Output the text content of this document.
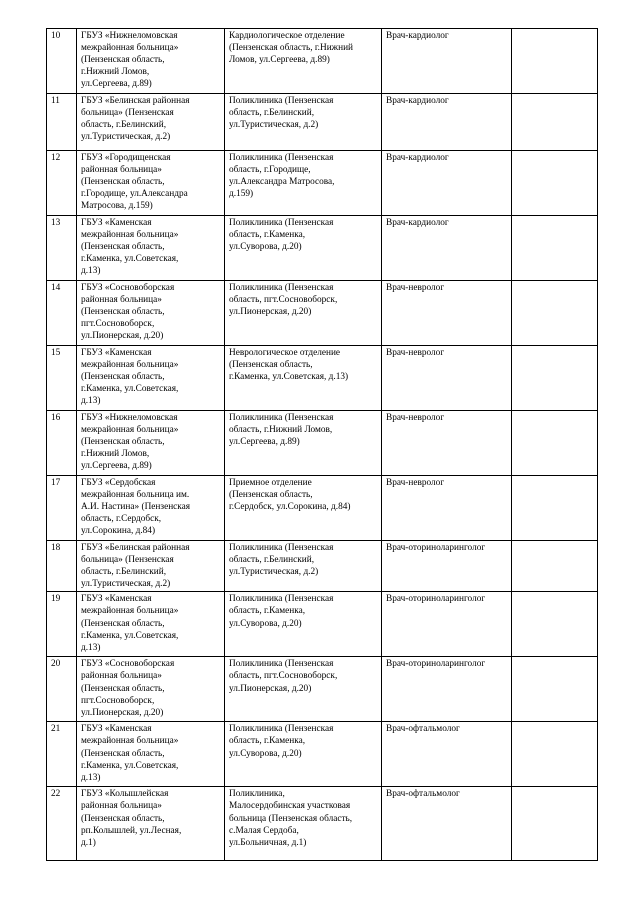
10	ГБУЗ «Нижнеломовская
межрайонная больница»
(Пензенская область,
г.Нижний Ломов,
ул.Сергеева, д.89)	Кардиологическое отделение
(Пензенская область, г.Нижний
Ломов, ул.Сергеева, д.89)	Врач-кардиолог	
11	ГБУЗ «Белинская районная
больница» (Пензенская
область, г.Белинский,
ул.Туристическая, д.2)	Поликлиника (Пензенская
область, г.Белинский,
ул.Туристическая, д.2)	Врач-кардиолог	
12	ГБУЗ «Городищенская
районная больница»
(Пензенская область,
г.Городище, ул.Александра
Матросова, д.159)	Поликлиника (Пензенская
область, г.Городище,
ул.Александра Матросова,
д.159)	Врач-кардиолог	
13	ГБУЗ «Каменская
межрайонная больница»
(Пензенская область,
г.Каменка, ул.Советская,
д.13)	Поликлиника (Пензенская
область, г.Каменка,
ул.Суворова, д.20)	Врач-кардиолог	
14	ГБУЗ «Сосновоборская
районная больница»
(Пензенская область,
пгт.Сосновоборск,
ул.Пионерская, д.20)	Поликлиника (Пензенская
область, пгт.Сосновоборск,
ул.Пионерская, д.20)	Врач-невролог	
15	ГБУЗ «Каменская
межрайонная больница»
(Пензенская область,
г.Каменка, ул.Советская,
д.13)	Неврологическое отделение
(Пензенская область,
г.Каменка, ул.Советская, д.13)	Врач-невролог	
16	ГБУЗ «Нижнеломовская
межрайонная больница»
(Пензенская область,
г.Нижний Ломов,
ул.Сергеева, д.89)	Поликлиника (Пензенская
область, г.Нижний Ломов,
ул.Сергеева, д.89)	Врач-невролог	
17	ГБУЗ «Сердобская
межрайонная больница им.
А.И. Настина» (Пензенская
область, г.Сердобск,
ул.Сорокина, д.84)	Приемное отделение
(Пензенская область,
г.Сердобск, ул.Сорокина, д.84)	Врач-невролог	
18	ГБУЗ «Белинская районная
больница» (Пензенская
область, г.Белинский,
ул.Туристическая, д.2)	Поликлиника (Пензенская
область, г.Белинский,
ул.Туристическая, д.2)	Врач-оториноларинголог	
19	ГБУЗ «Каменская
межрайонная больница»
(Пензенская область,
г.Каменка, ул.Советская,
д.13)	Поликлиника (Пензенская
область, г.Каменка,
ул.Суворова, д.20)	Врач-оториноларинголог	
20	ГБУЗ «Сосновоборская
районная больница»
(Пензенская область,
пгт.Сосновоборск,
ул.Пионерская, д.20)	Поликлиника (Пензенская
область, пгт.Сосновоборск,
ул.Пионерская, д.20)	Врач-оториноларинголог	
21	ГБУЗ «Каменская
межрайонная больница»
(Пензенская область,
г.Каменка, ул.Советская,
д.13)	Поликлиника (Пензенская
область, г.Каменка,
ул.Суворова, д.20)	Врач-офтальмолог	
22	ГБУЗ «Колышлейская
районная больница»
(Пензенская область,
рп.Колышлей, ул.Лесная,
д.1)	Поликлиника,
Малосердобинская участковая
больница (Пензенская область,
с.Малая Сердоба,
ул.Больничная, д.1)	Врач-офтальмолог	
